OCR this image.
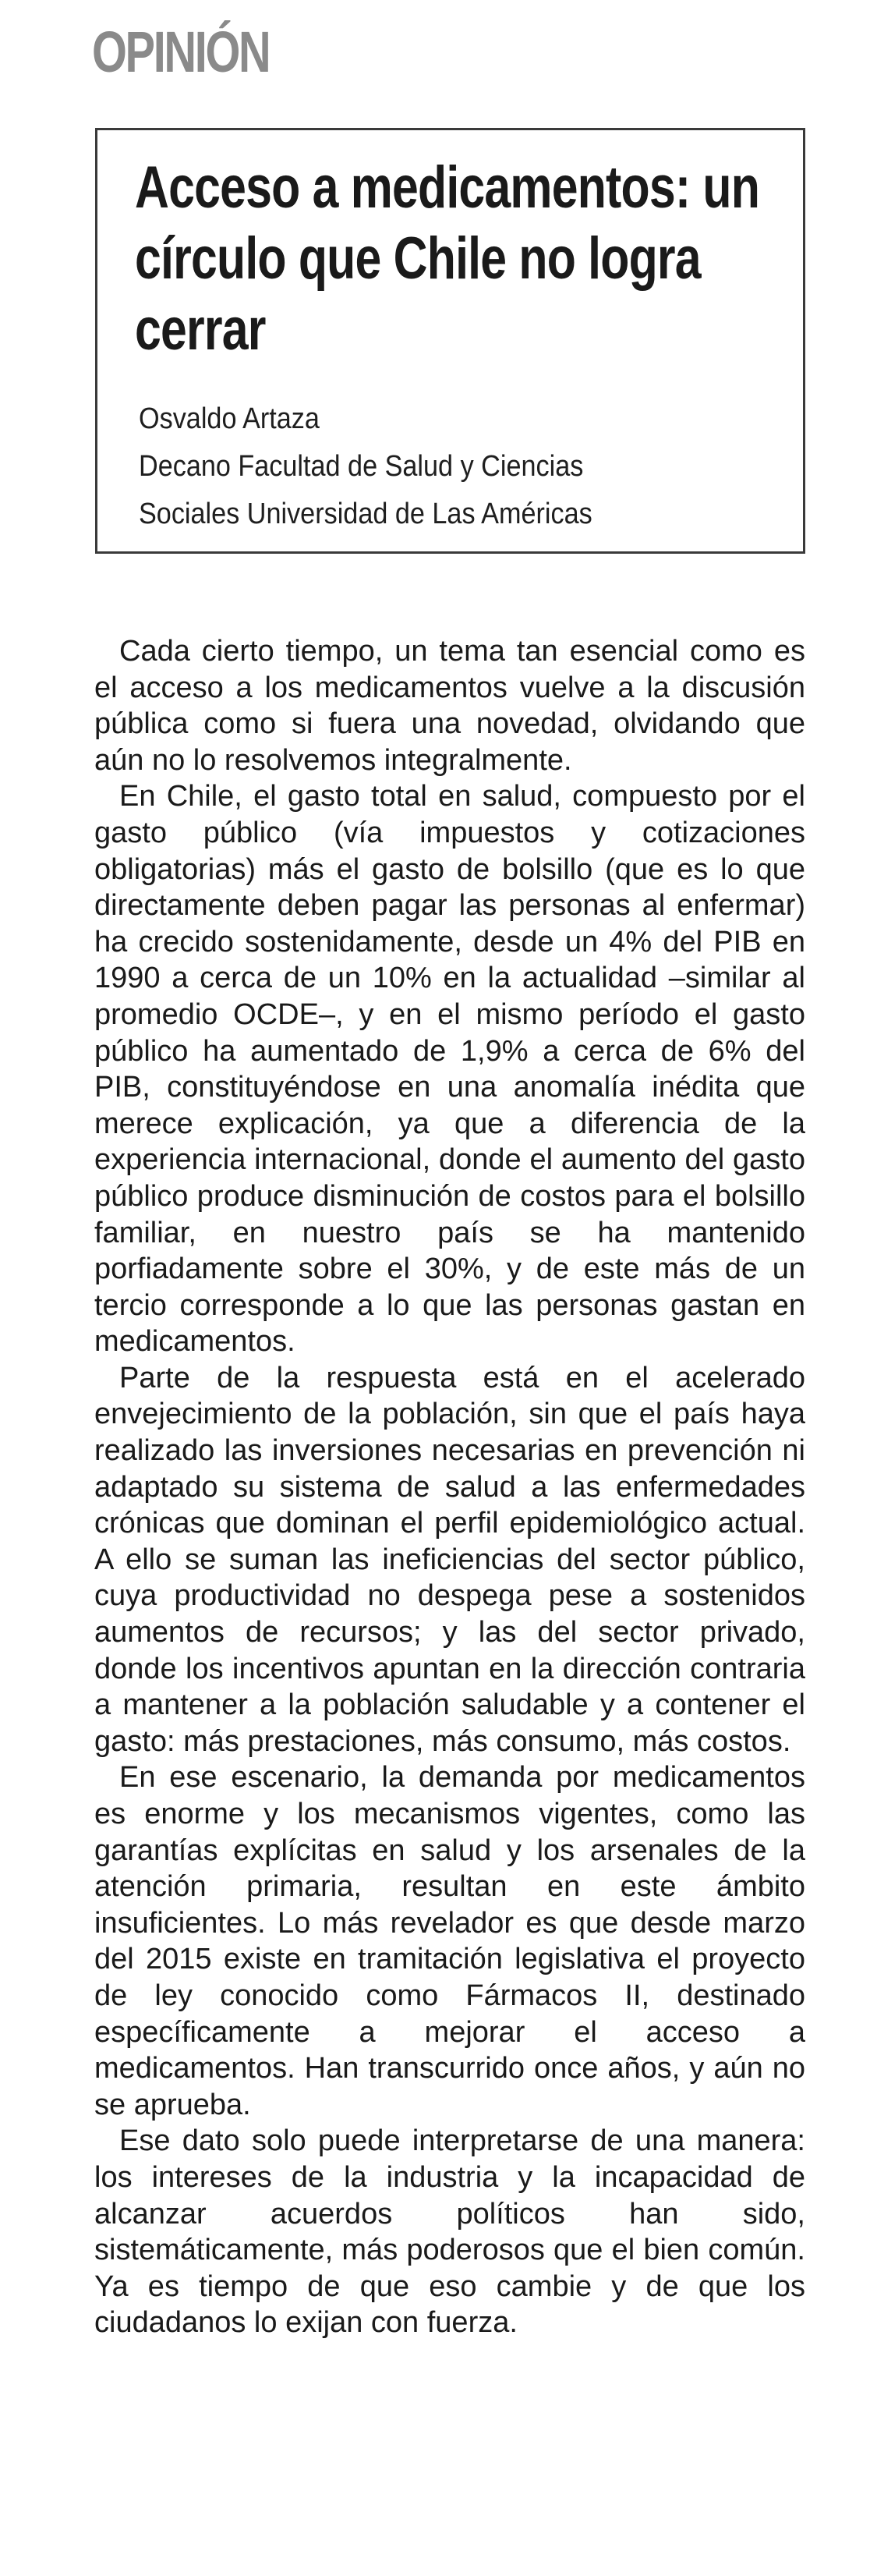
OPINIÓN
Acceso a medicamentos: un círculo que Chile no logra cerrar
Osvaldo Artaza
Decano Facultad de Salud y Ciencias
Sociales Universidad de Las Américas

Cada cierto tiempo, un tema tan esencial como es el acceso a los medicamentos vuelve a la discusión pública como si fuera una novedad, olvidando que aún no lo resolvemos integralmente.

En Chile, el gasto total en salud, compuesto por el gasto público (vía impuestos y cotizaciones obligatorias) más el gasto de bolsillo (que es lo que directamente deben pagar las personas al enfermar) ha crecido sostenidamente, desde un 4% del PIB en 1990 a cerca de un 10% en la actualidad –similar al promedio OCDE–, y en el mismo período el gasto público ha aumentado de 1,9% a cerca de 6% del PIB, constituyéndose en una anomalía inédita que merece explicación, ya que a diferencia de la experiencia internacional, donde el aumento del gasto público produce disminución de costos para el bolsillo familiar, en nuestro país se ha mantenido porfiadamente sobre el 30%, y de este más de un tercio corresponde a lo que las personas gastan en medicamentos.

Parte de la respuesta está en el acelerado envejecimiento de la población, sin que el país haya realizado las inversiones necesarias en prevención ni adaptado su sistema de salud a las enfermedades crónicas que dominan el perfil epidemiológico actual. A ello se suman las ineficiencias del sector público, cuya productividad no despega pese a sostenidos aumentos de recursos; y las del sector privado, donde los incentivos apuntan en la dirección contraria a mantener a la población saludable y a contener el gasto: más prestaciones, más consumo, más costos.

En ese escenario, la demanda por medicamentos es enorme y los mecanismos vigentes, como las garantías explícitas en salud y los arsenales de la atención primaria, resultan en este ámbito insuficientes. Lo más revelador es que desde marzo del 2015 existe en tramitación legislativa el proyecto de ley conocido como Fármacos II, destinado específicamente a mejorar el acceso a medicamentos. Han transcurrido once años, y aún no se aprueba.

Ese dato solo puede interpretarse de una manera: los intereses de la industria y la incapacidad de alcanzar acuerdos políticos han sido, sistemáticamente, más poderosos que el bien común. Ya es tiempo de que eso cambie y de que los ciudadanos lo exijan con fuerza.
